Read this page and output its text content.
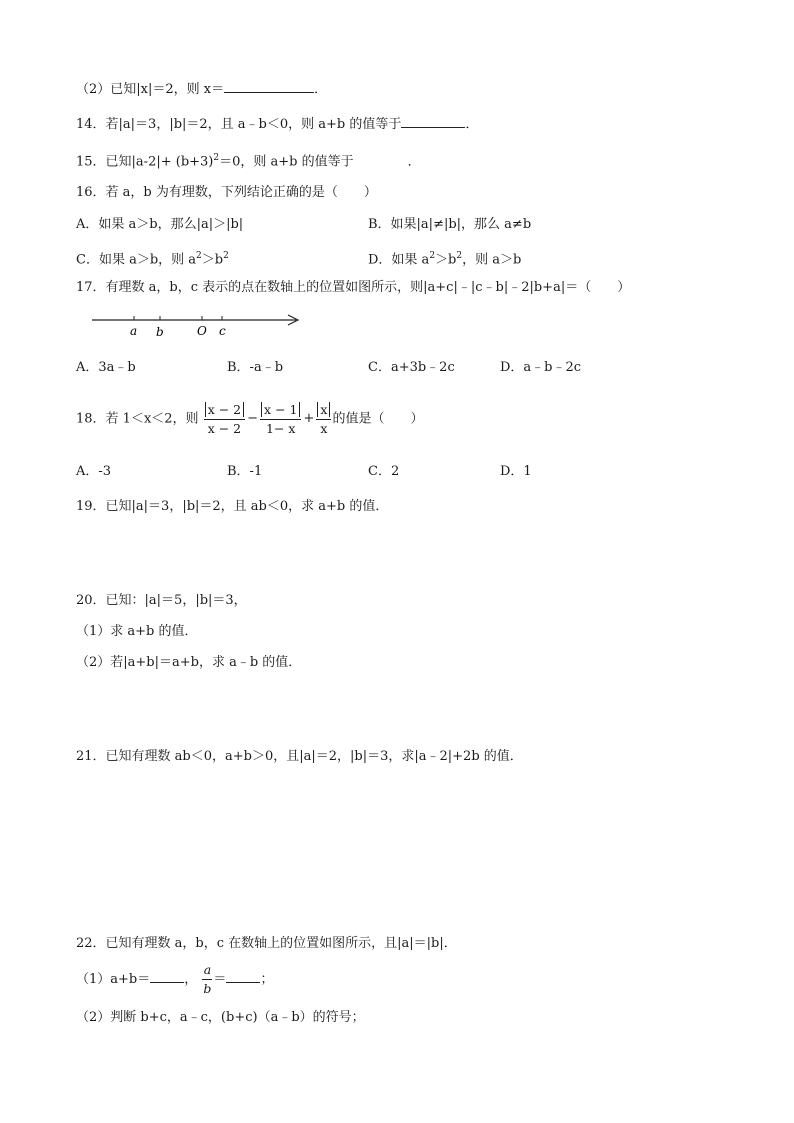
（2）已知|x|＝2，则 x＝	．
14．若|a|＝3，|b|＝2，且 a﹣b＜0，则 a+b 的值等于	．
15．已知$|a-2|+ (b+3)^2=0$，则 a+b 的值等于	．
16．若 a，b 为有理数，下列结论正确的是（　　）
A．如果 a＞b，那么|a|＞|b|	B．如果|a|≠|b|，那么 a≠b
C．如果 a＞b，则 $a^2>b^2$	D．如果 $a^2>b^2$，则 a＞b
17．有理数 a，b，c 表示的点在数轴上的位置如图所示，则|a+c|﹣|c﹣b|﹣2|b+a|＝（　　）
a b	O c
A．3a﹣b	B．-a﹣b	C．a+3b﹣2c	D．a﹣b﹣2c
18．若 1＜x＜2，则 $\frac{x - 2}{x - 2} - \frac{x - 1}{1- x} + \frac{x}{x}$ 的值是（　　）
A．-3	B．-1	C．2	D．1
19．已知|a|＝3，|b|＝2，且 ab＜0，求 a+b 的值．
20．已知：|a|＝5，|b|＝3，
（1）求 a+b 的值．
（2）若|a+b|＝a+b，求 a﹣b 的值．
21．已知有理数 ab＜0，a+b＞0，且|a|＝2，|b|＝3，求|a﹣2|+2b 的值．
22．已知有理数 a，b，c 在数轴上的位置如图所示，且|a|＝|b|．
（1）a+b＝	， $\frac{a}{b}$ ＝	；
（2）判断 b+c，a﹣c，(b+c)（a﹣b）的符号；
